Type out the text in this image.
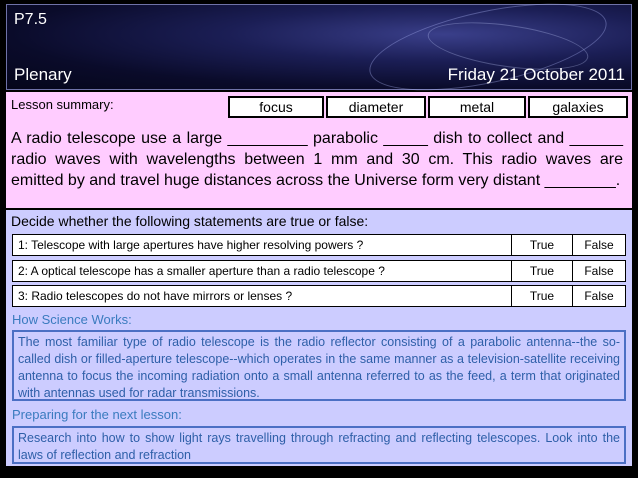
P7.5
Plenary	Friday 21 October 2011
Lesson summary:	focus	diameter	metal	galaxies

A radio telescope use a large _________ parabolic _____ dish to collect and ______ radio waves with wavelengths between 1 mm and 30 cm. This radio waves are emitted by and travel huge distances across the Universe form very distant ________.

Decide whether the following statements are true or false:
1: Telescope with large apertures have higher resolving powers ?	True	False
2: A optical telescope has a smaller aperture than a radio telescope ?	True	False
3: Radio telescopes do not have mirrors or lenses ?	True	False
How Science Works:
The most familiar type of radio telescope is the radio reflector consisting of a parabolic antenna--the so-called dish or filled-aperture telescope--which operates in the same manner as a television-satellite receiving antenna to focus the incoming radiation onto a small antenna referred to as the feed, a term that originated with antennas used for radar transmissions.
Preparing for the next lesson:
Research into how to show light rays travelling through refracting and reflecting telescopes. Look into the laws of reflection and refraction
